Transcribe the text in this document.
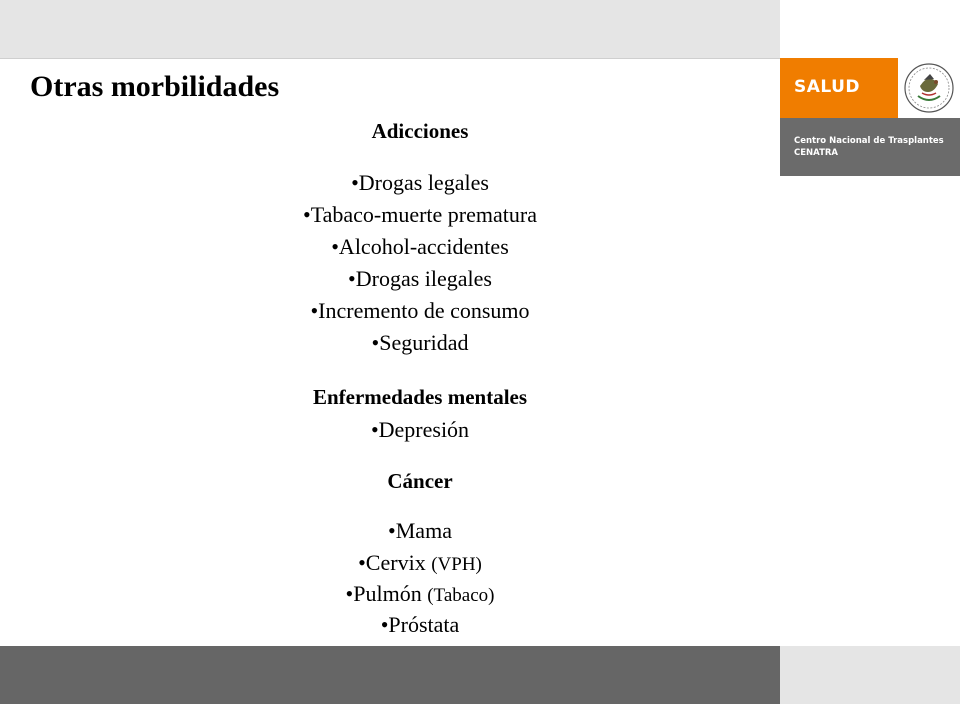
SALUD
Centro Nacional de Trasplantes
CENATRA
Otras morbilidades
Adicciones
•Drogas legales
•Tabaco-muerte prematura
•Alcohol-accidentes
•Drogas ilegales
•Incremento de consumo
•Seguridad
Enfermedades mentales
•Depresión
Cáncer
•Mama
•Cervix (VPH)
•Pulmón (Tabaco)
•Próstata
